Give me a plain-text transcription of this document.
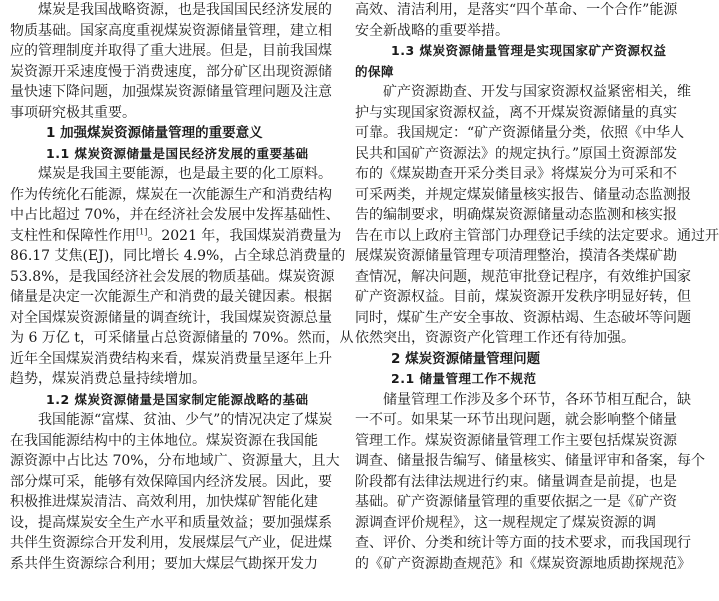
煤炭是我国战略资源，也是我国国民经济发展的
物质基础。国家高度重视煤炭资源储量管理，建立相
应的管理制度并取得了重大进展。但是，目前我国煤
炭资源开采速度慢于消费速度，部分矿区出现资源储
量快速下降问题，加强煤炭资源储量管理问题及注意
事项研究极其重要。
1 加强煤炭资源储量管理的重要意义
1.1 煤炭资源储量是国民经济发展的重要基础
煤炭是我国主要能源，也是最主要的化工原料。
作为传统化石能源，煤炭在一次能源生产和消费结构
中占比超过 70%，并在经济社会发展中发挥基础性、
支柱性和保障性作用[1]。2021 年，我国煤炭消费量为
86.17 艾焦(EJ)，同比增长 4.9%，占全球总消费量的
53.8%，是我国经济社会发展的物质基础。煤炭资源
储量是决定一次能源生产和消费的最关键因素。根据
对全国煤炭资源储量的调查统计，我国煤炭资源总量
为 6 万亿 t，可采储量占总资源储量的 70%。然而，从
近年全国煤炭消费结构来看，煤炭消费量呈逐年上升
趋势，煤炭消费总量持续增加。
1.2 煤炭资源储量是国家制定能源战略的基础
我国能源“富煤、贫油、少气”的情况决定了煤炭
在我国能源结构中的主体地位。煤炭资源在我国能
源资源中占比达 70%，分布地域广、资源量大，且大
部分煤可采，能够有效保障国内经济发展。因此，要
积极推进煤炭清洁、高效利用，加快煤矿智能化建
设，提高煤炭安全生产水平和质量效益；要加强煤系
共伴生资源综合开发利用，发展煤层气产业，促进煤
系共伴生资源综合利用；要加大煤层气勘探开发力
高效、清洁利用，是落实“四个革命、一个合作”能源
安全新战略的重要举措。
1.3 煤炭资源储量管理是实现国家矿产资源权益
的保障
矿产资源勘查、开发与国家资源权益紧密相关，维
护与实现国家资源权益，离不开煤炭资源储量的真实
可靠。我国规定：“矿产资源储量分类，依照《中华人
民共和国矿产资源法》的规定执行。”原国土资源部发
布的《煤炭勘查开采分类目录》将煤炭分为可采和不
可采两类，并规定煤炭储量核实报告、储量动态监测报
告的编制要求，明确煤炭资源储量动态监测和核实报
告在市以上政府主管部门办理登记手续的法定要求。通过开
展煤炭资源储量管理专项清理整治，摸清各类煤矿勘
查情况，解决问题，规范审批登记程序，有效维护国家
矿产资源权益。目前，煤炭资源开发秩序明显好转，但
同时，煤矿生产安全事故、资源枯竭、生态破坏等问题
依然突出，资源资产化管理工作还有待加强。
2 煤炭资源储量管理问题
2.1 储量管理工作不规范
储量管理工作涉及多个环节，各环节相互配合，缺
一不可。如果某一环节出现问题，就会影响整个储量
管理工作。煤炭资源储量管理工作主要包括煤炭资源
调查、储量报告编写、储量核实、储量评审和备案，每个
阶段都有法律法规进行约束。储量调查是前提，也是
基础。矿产资源储量管理的重要依据之一是《矿产资
源调查评价规程》，这一规程规定了煤炭资源的调
查、评价、分类和统计等方面的技术要求，而我国现行
的《矿产资源勘查规范》和《煤炭资源地质勘探规范》
